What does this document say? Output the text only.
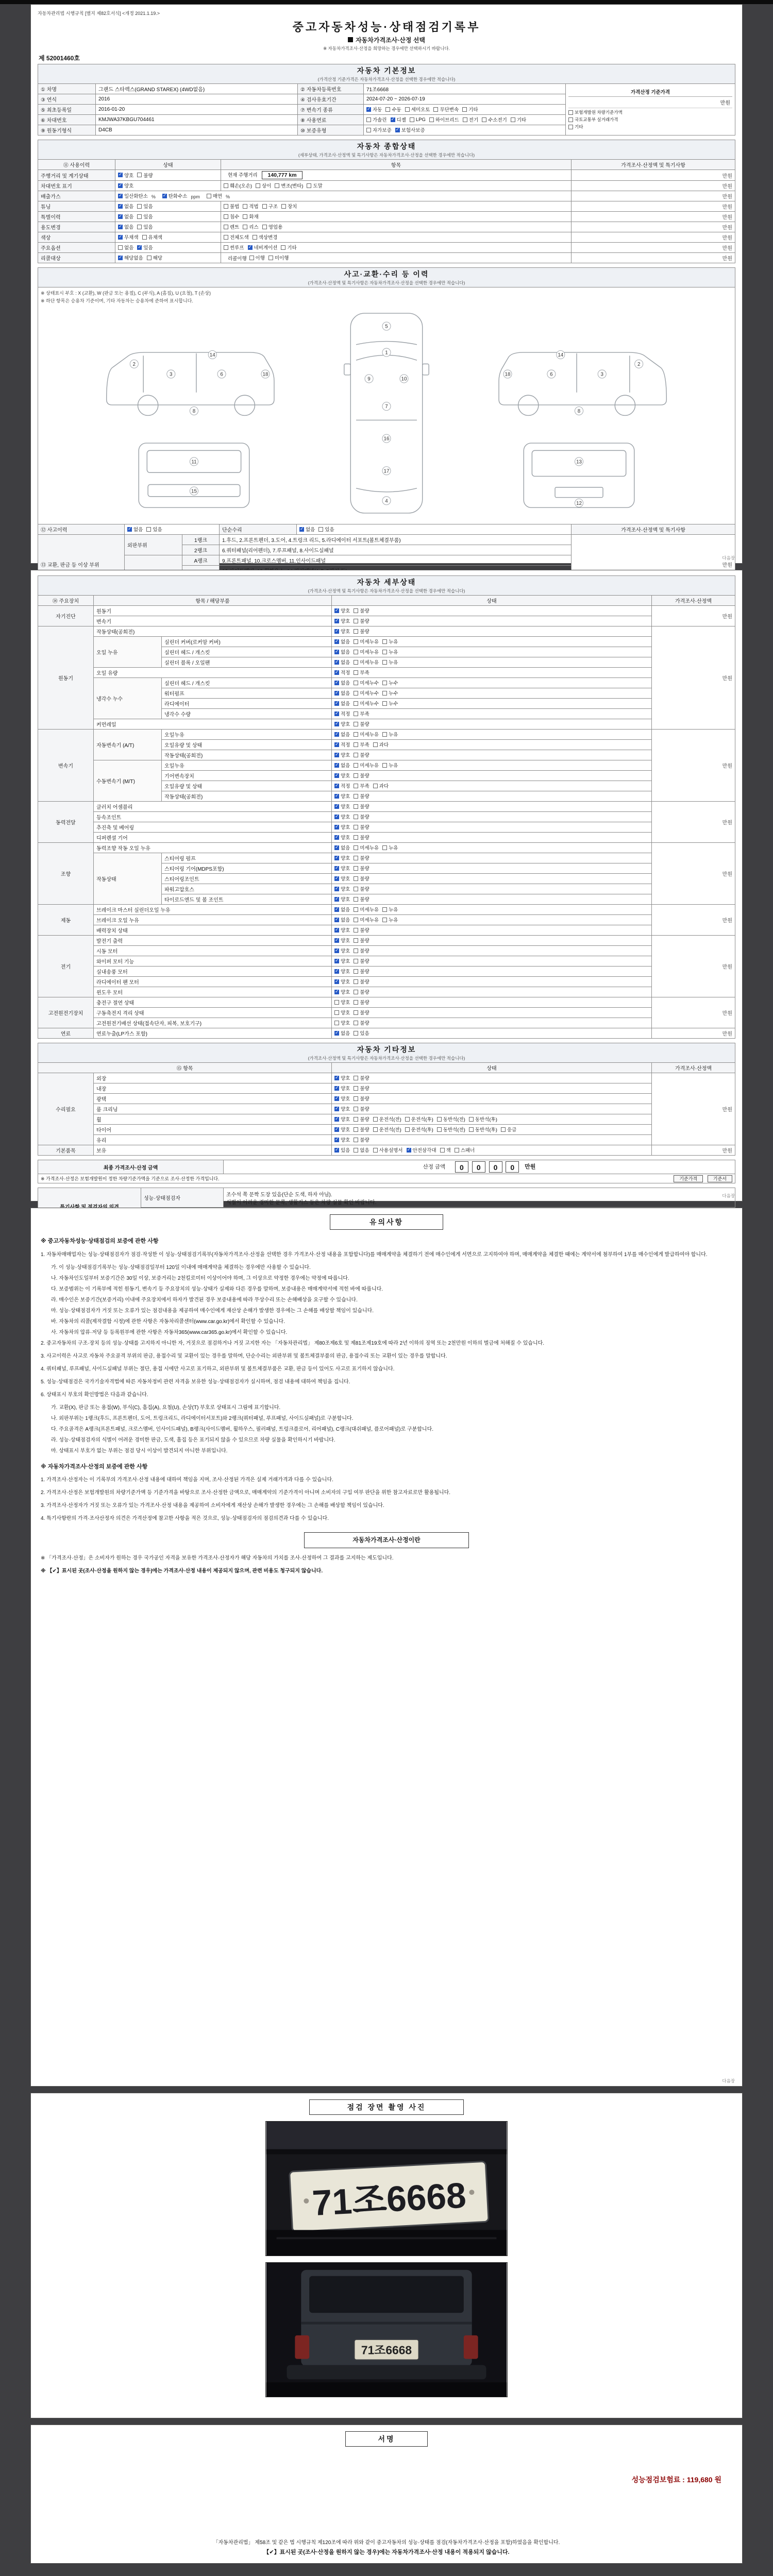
자동차관리법 시행규칙 [별지 제82호서식] <개정 2021.1.19.>
중고자동차성능·상태점검기록부
자동차가격조사·산정 선택
※ 자동차가격조사·산정을 희망하는 경우에만 선택하시기 바랍니다.
제 52001460호
자동차 기본정보
(가격산정 기준가격은 자동차가격조사·산정을 선택한 경우에만 적습니다)				

① 차명	그랜드 스타렉스(GRAND STAREX) (4WD없음)	② 자동차등록번호	71조6668	가격산정 기준가격
만원
보험개발원 차량기준가액
국토교통부 실거래가격
기타

③ 연식	2016	④ 검사유효기간	2024-07-20 ~ 2026-07-19	
⑤ 최초등록일	2016-01-20	⑦ 변속기 종류	
✓자동 수동 세미오토 무단변속 기타

⑥ 차대번호	KMJWA37KBGU704461	⑧ 사용연료	가솔린 ✓ 디젤 LPG 하이브리드 전기 수소전기 기타

⑨ 원동기형식	D4CB	⑩ 보증유형	자가보증 ✓ 보험사보증
자동차 종합상태
(세부상태, 가격조사·산정액 및 특기사항은 자동차가격조사·산정을 선택한 경우에만 적습니다)			

⑪ 사용이력	상태	항목	가격조사·산정액 및 특기사항
주행거리 및 계기상태	
✓양호 불량	현재 주행거리 140,777 km	만원
차대번호 표기	
✓양호	훼손(오손) 상이 변조(변타) 도말	만원
배출가스	
✓일산화탄소 % ✓	탄화수소 ppm	매연 %	만원
튜닝	
✓없음 있음	불법 적법 구조 장치	만원
특별이력	
✓없음 있음	침수 화재	만원
용도변경	
✓없음 있음	렌트 리스 영업용	만원
색상	
✓무채색 유채색	전체도색 색상변경	만원
주요옵션	없음 ✓ 있음	썬루프 ✓ 네비게이션 기타	만원
리콜대상	
✓해당없음 해당	리콜이행 이행 미이행	만원
사고·교환·수리 등 이력
(가격조사·산정액 및 특기사항은 자동차가격조사·산정을 선택한 경우에만 적습니다)					

※ 상태표시 부호 : X (교환), W (판금 또는 용접), C (부식), A (흠집), U (요철), T (손상)
※ 하단 항목은 승용차 기준이며, 기타 자동차는 승용차에 준하여 표시합니다.
5
1
9	10
7
16
17
4
2
3	6
8
18
14
2
3
6
8
18
14
11
15
13
12

⑫ 사고이력	
✓없음 있음		단순수리	
✓없음 있음	가격조사·산정액 및 특기사항
⑬ 교환, 판금 등 이상 부위	외판부위	1랭크	1.후드, 2.프론트펜더, 3.도어, 4.트렁크 리드, 5.라디에이터 서포트(볼트체결부품)		만원
		2랭크	6.쿼터패널(리어펜더), 7.루프패널, 8.사이드실패널		
	A랭크	9.프론트패널, 10.크로스멤버, 11.인사이드패널		

다음장
자동차 세부상태
(가격조사·산정액 및 특기사항은 자동차가격조사·산정을 선택한 경우에만 적습니다)				

⑭ 주요장치	항목 / 해당부품		상태	가격조사·산정액
자기진단	원동기	
✓양호 불량	만원
	변속기	
✓양호 불량

원동기	작동상태(공회전)	
✓양호 불량	만원
	오일 누유	실린더 커버(로커암 커버)	
✓없음 미세누유 누유

		실린더 헤드 / 개스킷	
✓없음 미세누유 누유

		실린더 블록 / 오일팬	
✓없음 미세누유 누유

	오일 유량	
✓적정 부족

	냉각수 누수	실린더 헤드 / 개스킷	
✓없음 미세누수 누수

		워터펌프	
✓없음 미세누수 누수

		라디에이터	
✓없음 미세누수 누수

		냉각수 수량	
✓적정 부족

	커먼레일	
✓양호 불량

변속기	자동변속기 (A/T)	오일누유	
✓없음 미세누유 누유	만원
		오일유량 및 상태	
✓적정 부족 과다

		작동상태(공회전)	
✓양호 불량

	수동변속기 (M/T)	오일누유	
✓없음 미세누유 누유

		기어변속장치	
✓양호 불량

		오일유량 및 상태	
✓적정 부족 과다

		작동상태(공회전)	
✓양호 불량

동력전달	클러치 어셈블리	
✓양호 불량	만원
	등속조인트	
✓양호 불량

	추진축 및 베어링	
✓양호 불량

	디퍼렌셜 기어	
✓양호 불량

조향	동력조향 작동 오일 누유	
✓없음 미세누유 누유	만원
	작동상태	스티어링 펌프	
✓양호 불량

		스티어링 기어(MDPS포함)	
✓양호 불량

		스티어링조인트	
✓양호 불량

		파워고압호스	
✓양호 불량

		타이로드엔드 및 볼 조인트	
✓양호 불량

제동	브레이크 마스터 실린더오일 누유	
✓없음 미세누유 누유	만원
	브레이크 오일 누유	
✓없음 미세누유 누유

	배력장치 상태	
✓양호 불량

전기	발전기 출력	
✓양호 불량	만원
	시동 모터	
✓양호 불량

	와이퍼 모터 기능	
✓양호 불량

	실내송풍 모터	
✓양호 불량

	라디에이터 팬 모터	
✓양호 불량

	윈도우 모터	
✓양호 불량

고전원전기장치	충전구 절연 상태		양호 불량	만원
	구동축전지 격리 상태		양호 불량	

	고전원전기배선 상태(접속단자, 피복, 보호기구)		양호 불량	

연료	연료누출(LP가스 포함)	
✓없음 있음	만원
자동차 기타정보
(가격조사·산정액 및 특기사항은 자동차가격조사·산정을 선택한 경우에만 적습니다)			

⑮ 항목		상태	가격조사·산정액
수리필요	외장	
✓양호 불량	만원
	내장	
✓양호 불량

	광택	
✓양호 불량

	룸 크리닝	
✓양호 불량

휠	
✓양호 불량 운전석(전) 운전석(후) 동반석(전) 동반석(후)

타이어	
✓양호 불량 운전석(전) 운전석(후) 동반석(전) 동반석(후) 응급

	유리	
✓양호 불량

기본품목	보유	
✓있음 없음 사용설명서 ✓ 안전삼각대 잭 스패너	만원
최종 가격조사·산정 금액	산정 금액 0 0 0 0 만원

※ 가격조사·산정은 보험개발원이 정한 차량기준가액을 기준으로 조사·산정한 가격입니다.	기준가격	기준서
	성능·상태점검자	조수석 쪽 문짝 도장 있음(단순 도색, 하자 아님).
식별이 어려운 경미한 문콕, 생활기스 등은 차량 실물 확인 바랍니다.

다음장
유의사항
※ 중고자동차성능·상태점검의 보증에 관한 사항
1. 자동차매매업자는 성능·상태점검자가 점검·작성한 이 성능·상태점검기록부(자동차가격조사·산정을 선택한 경우 가격조사·산정 내용을 포함합니다)를 매매계약을 체결하기 전에 매수인에게 서면으로 고지하여야 하며, 매매계약을 체결한 때에는 계약서에 첨부하여 1부를 매수인에게 발급하여야 합니다.
가. 이 성능·상태점검기록부는 성능·상태점검일부터 120일 이내에 매매계약을 체결하는 경우에만 사용할 수 있습니다.
나. 자동차인도일부터 보증기간은 30일 이상, 보증거리는 2천킬로미터 이상이어야 하며, 그 이상으로 약정한 경우에는 약정에 따릅니다.
다. 보증범위는 이 기록부에 적힌 원동기, 변속기 등 주요장치의 성능·상태가 실제와 다른 경우를 말하며, 보증내용은 매매계약서에 적힌 바에 따릅니다.
라. 매수인은 보증기간(보증거리) 이내에 주요장치에서 하자가 발견된 경우 보증내용에 따라 무상수리 또는 손해배상을 요구할 수 있습니다.
마. 성능·상태점검자가 거짓 또는 오류가 있는 점검내용을 제공하여 매수인에게 재산상 손해가 발생한 경우에는 그 손해를 배상할 책임이 있습니다.
바. 자동차의 리콜(제작결함 시정)에 관한 사항은 자동차리콜센터(www.car.go.kr)에서 확인할 수 있습니다.
사. 자동차의 압류·저당 등 등록원부에 관한 사항은 자동차365(www.car365.go.kr)에서 확인할 수 있습니다.
2. 중고자동차의 구조·장치 등의 성능·상태를 고지하지 아니한 자, 거짓으로 점검하거나 거짓 고지한 자는 「자동차관리법」 제80조제6호 및 제81조제19호에 따라 2년 이하의 징역 또는 2천만원 이하의 벌금에 처해질 수 있습니다.
3. 사고이력은 사고로 자동차 주요골격 부위의 판금, 용접수리 및 교환이 있는 경우를 말하며, 단순수리는 외판부위 및 볼트체결부품의 판금, 용접수리 또는 교환이 있는 경우를 말합니다.
4. 쿼터패널, 루프패널, 사이드실패널 부위는 절단, 용접 시에만 사고로 표기하고, 외판부위 및 볼트체결부품은 교환, 판금 등이 있어도 사고로 표기하지 않습니다.
5. 성능·상태점검은 국가기술자격법에 따른 자동차정비 관련 자격을 보유한 성능·상태점검자가 실시하며, 점검 내용에 대하여 책임을 집니다.
6. 상태표시 부호의 확인방법은 다음과 같습니다.
가. 교환(X), 판금 또는 용접(W), 부식(C), 흠집(A), 요철(U), 손상(T) 부호로 상태표시 그림에 표기합니다.
나. 외판부위는 1랭크(후드, 프론트펜더, 도어, 트렁크리드, 라디에이터서포트)와 2랭크(쿼터패널, 루프패널, 사이드실패널)로 구분합니다.
다. 주요골격은 A랭크(프론트패널, 크로스멤버, 인사이드패널), B랭크(사이드멤버, 휠하우스, 필러패널, 트렁크플로어, 리어패널), C랭크(대쉬패널, 플로어패널)로 구분합니다.
라. 성능·상태점검자의 식별이 어려운 경미한 판금, 도색, 흠집 등은 표기되지 않을 수 있으므로 차량 실물을 확인하시기 바랍니다.
마. 상태표시 부호가 없는 부위는 점검 당시 이상이 발견되지 아니한 부위입니다.
※ 자동차가격조사·산정의 보증에 관한 사항
1. 가격조사·산정자는 이 기록부의 가격조사·산정 내용에 대하여 책임을 지며, 조사·산정된 가격은 실제 거래가격과 다를 수 있습니다.
2. 가격조사·산정은 보험개발원의 차량기준가액 등 기준가격을 바탕으로 조사·산정한 금액으로, 매매계약의 기준가격이 아니며 소비자의 구입 여부 판단을 위한 참고자료로만 활용됩니다.
3. 가격조사·산정자가 거짓 또는 오류가 있는 가격조사·산정 내용을 제공하여 소비자에게 재산상 손해가 발생한 경우에는 그 손해를 배상할 책임이 있습니다.
4. 특기사항란의 가격·조사산정자 의견은 가격산정에 참고한 사항을 적은 것으로, 성능·상태점검자의 점검의견과 다를 수 있습니다.
자동차가격조사·산정이란
※ 「가격조사·산정」은 소비자가 원하는 경우 국가공인 자격을 보유한 가격조사·산정자가 해당 자동차의 가치를 조사·산정하여 그 결과를 고지하는 제도입니다.
※ 【✔】표시된 곳(조사·산정을 원하지 않는 경우)에는 가격조사·산정 내용이 제공되지 않으며, 관련 비용도 청구되지 않습니다.
다음장
점검 장면 촬영 사진
71조6668
71조6668
서명
성능점검보험료 : 119,680 원
「자동차관리법」 제58조 및 같은 법 시행규칙 제120조에 따라 위와 같이 중고자동차의 성능·상태를 점검(자동차가격조사·산정을 포함)하였음을 확인합니다.
【✔】표시된 곳(조사·산정을 원하지 않는 경우)에는 자동차가격조사·산정 내용이 적용되지 않습니다.
